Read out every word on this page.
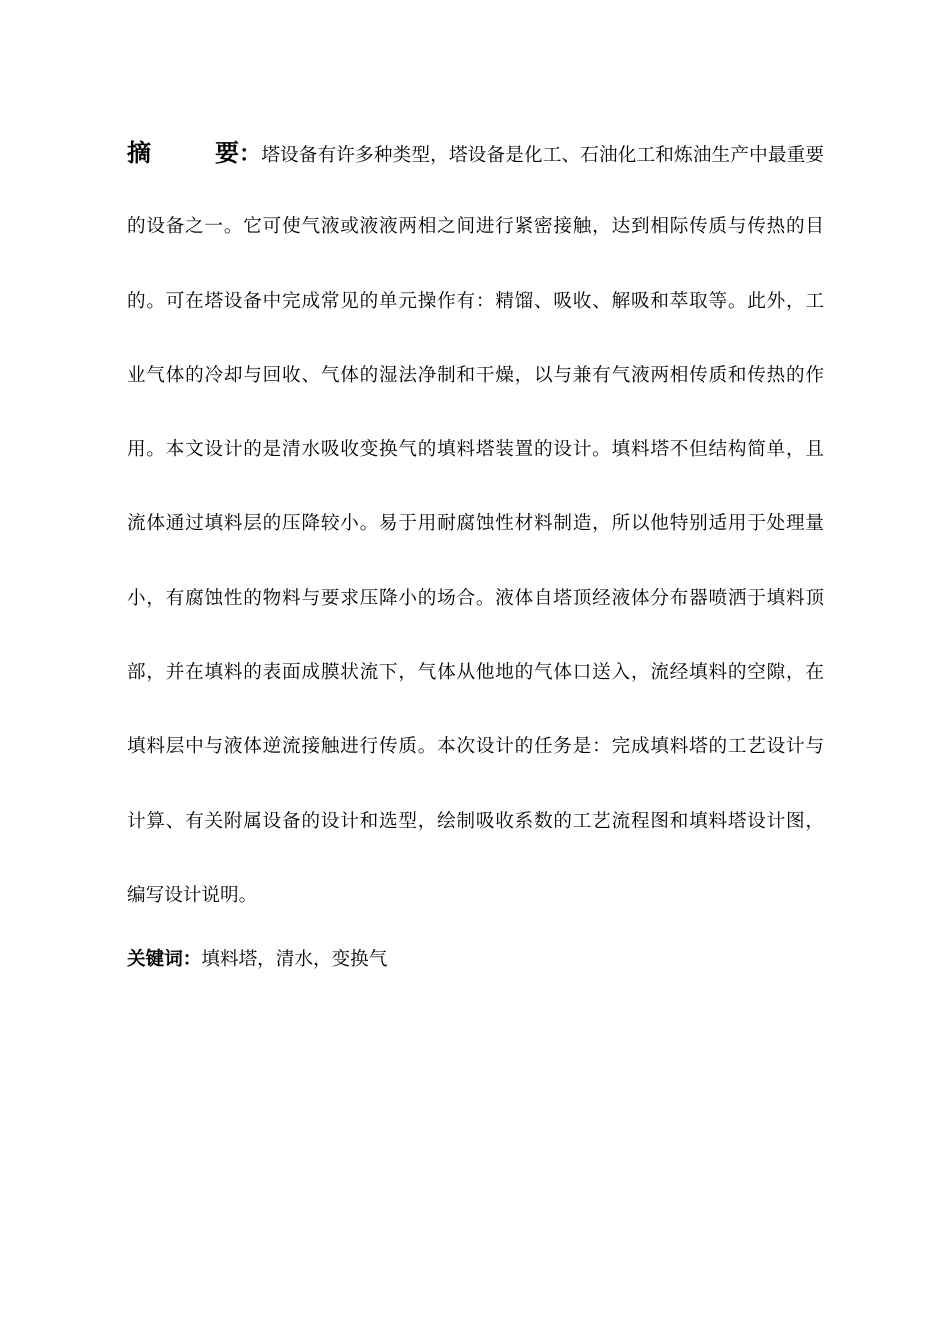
摘　要：塔设备有许多种类型，塔设备是化工、石油化工和炼油生产中最重要
的设备之一。它可使气液或液液两相之间进行紧密接触，达到相际传质与传热的目
的。可在塔设备中完成常见的单元操作有：精馏、吸收、解吸和萃取等。此外，工
业气体的冷却与回收、气体的湿法净制和干燥，以与兼有气液两相传质和传热的作
用。本文设计的是清水吸收变换气的填料塔装置的设计。填料塔不但结构简单，且
流体通过填料层的压降较小。易于用耐腐蚀性材料制造，所以他特别适用于处理量
小，有腐蚀性的物料与要求压降小的场合。液体自塔顶经液体分布器喷洒于填料顶
部，并在填料的表面成膜状流下，气体从他地的气体口送入，流经填料的空隙，在
填料层中与液体逆流接触进行传质。本次设计的任务是：完成填料塔的工艺设计与
计算、有关附属设备的设计和选型，绘制吸收系数的工艺流程图和填料塔设计图，
编写设计说明。
关键词：填料塔，清水，变换气
